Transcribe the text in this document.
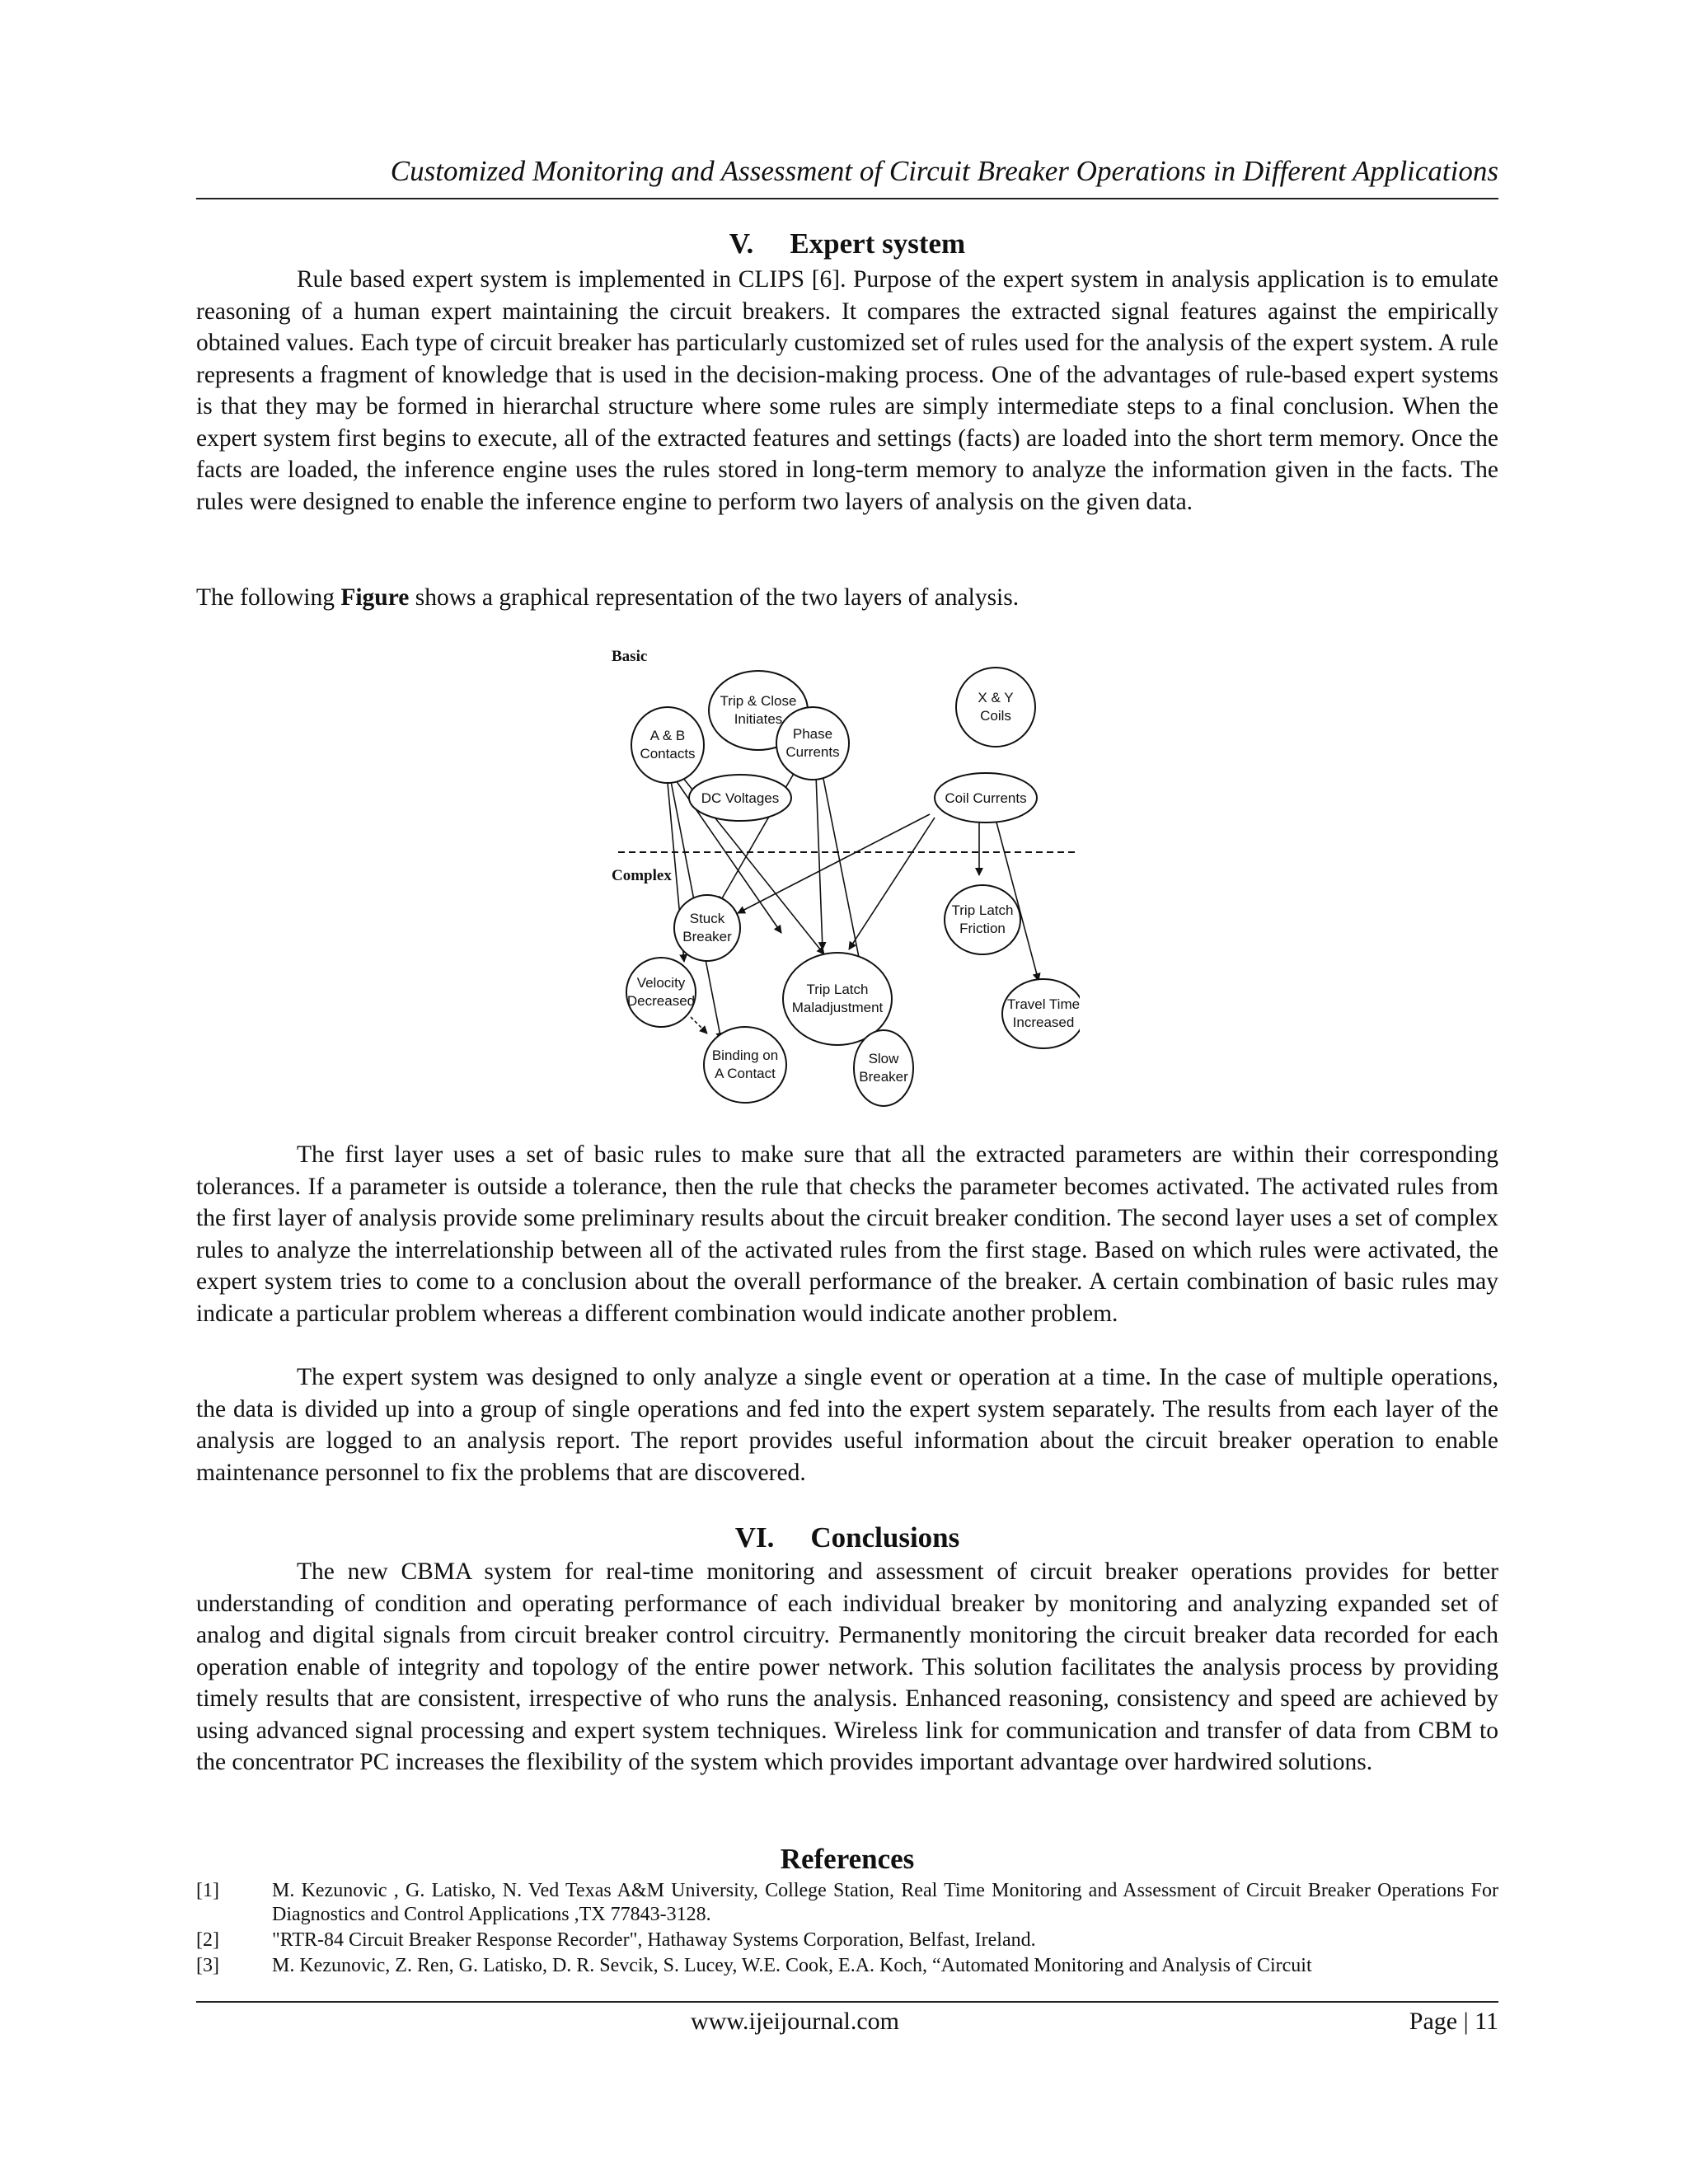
Customized Monitoring and Assessment of Circuit Breaker Operations in Different Applications
V. Expert system

Rule based expert system is implemented in CLIPS [6]. Purpose of the expert system in analysis application is to emulate reasoning of a human expert maintaining the circuit breakers. It compares the extracted signal features against the empirically obtained values. Each type of circuit breaker has particularly customized set of rules used for the analysis of the expert system. A rule represents a fragment of knowledge that is used in the decision-making process. One of the advantages of rule-based expert systems is that they may be formed in hierarchal structure where some rules are simply intermediate steps to a final conclusion. When the expert system first begins to execute, all of the extracted features and settings (facts) are loaded into the short term memory. Once the facts are loaded, the inference engine uses the rules stored in long-term memory to analyze the information given in the facts. The rules were designed to enable the inference engine to perform two layers of analysis on the given data.

The following Figure shows a graphical representation of the two layers of analysis.

Basic
Complex
A & B
Contacts
Trip & Close
Initiates
X & Y
Coils
Phase
Currents
DC Voltages	Coil Currents
Stuck
Breaker
Trip Latch
Friction
Velocity
Decreased
Trip Latch
Maladjustment	Travel Time
Increased
Binding on
A Contact
Slow
Breaker

The first layer uses a set of basic rules to make sure that all the extracted parameters are within their corresponding tolerances. If a parameter is outside a tolerance, then the rule that checks the parameter becomes activated. The activated rules from the first layer of analysis provide some preliminary results about the circuit breaker condition. The second layer uses a set of complex rules to analyze the interrelationship between all of the activated rules from the first stage. Based on which rules were activated, the expert system tries to come to a conclusion about the overall performance of the breaker. A certain combination of basic rules may indicate a particular problem whereas a different combination would indicate another problem.

The expert system was designed to only analyze a single event or operation at a time. In the case of multiple operations, the data is divided up into a group of single operations and fed into the expert system separately. The results from each layer of the analysis are logged to an analysis report. The report provides useful information about the circuit breaker operation to enable maintenance personnel to fix the problems that are discovered.

VI. Conclusions

The new CBMA system for real-time monitoring and assessment of circuit breaker operations provides for better understanding of condition and operating performance of each individual breaker by monitoring and analyzing expanded set of analog and digital signals from circuit breaker control circuitry. Permanently monitoring the circuit breaker data recorded for each operation enable of integrity and topology of the entire power network. This solution facilitates the analysis process by providing timely results that are consistent, irrespective of who runs the analysis. Enhanced reasoning, consistency and speed are achieved by using advanced signal processing and expert system techniques. Wireless link for communication and transfer of data from CBM to the concentrator PC increases the flexibility of the system which provides important advantage over hardwired solutions.

References
[1]	M. Kezunovic , G. Latisko, N. Ved Texas A&M University, College Station, Real Time Monitoring and Assessment of Circuit Breaker Operations For Diagnostics and Control Applications ,TX 77843-3128.
[2]	"RTR-84 Circuit Breaker Response Recorder", Hathaway Systems Corporation, Belfast, Ireland.
[3]	M. Kezunovic, Z. Ren, G. Latisko, D. R. Sevcik, S. Lucey, W.E. Cook, E.A. Koch, “Automated Monitoring and Analysis of Circuit
www.ijeijournal.com	Page | 11
